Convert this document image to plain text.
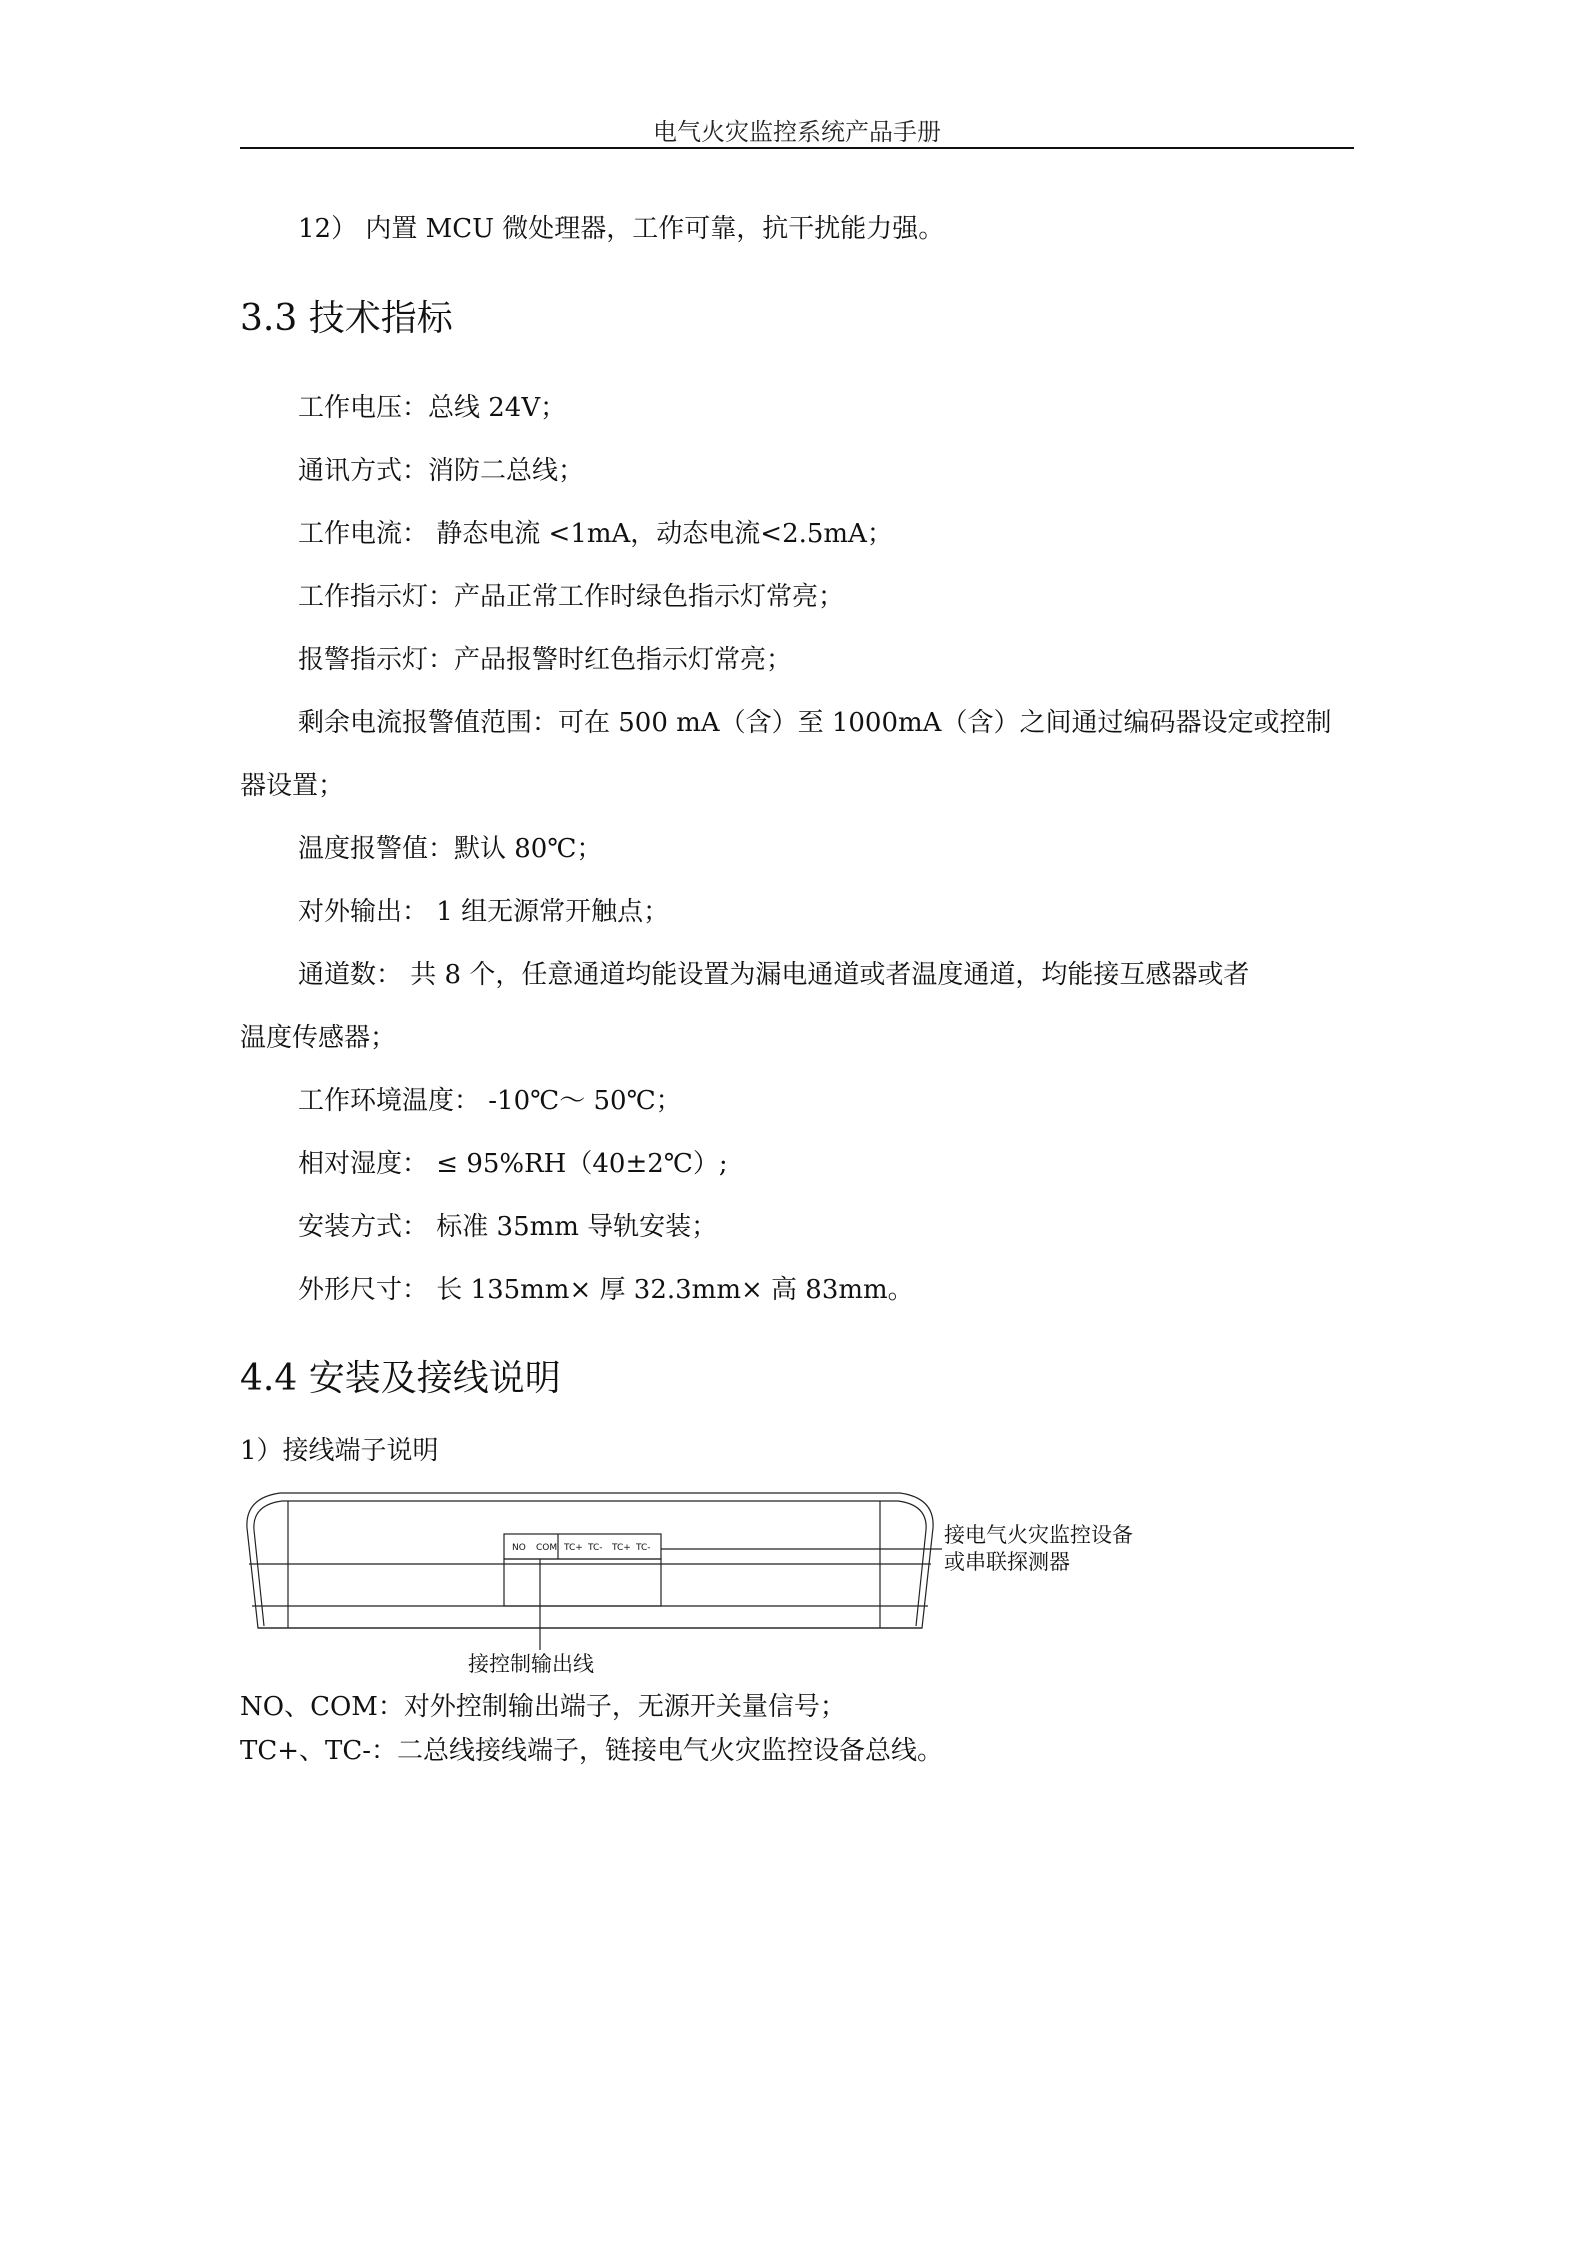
电气火灾监控系统产品手册
12） 内置 MCU 微处理器，工作可靠，抗干扰能力强。
3.3 技术指标
工作电压：总线 24V；
通讯方式：消防二总线；
工作电流： 静态电流 <1mA，动态电流<2.5mA；
工作指示灯：产品正常工作时绿色指示灯常亮；
报警指示灯：产品报警时红色指示灯常亮；
剩余电流报警值范围：可在 500 mA（含）至 1000mA（含）之间通过编码器设定或控制
器设置；
温度报警值：默认 80℃；
对外输出： 1 组无源常开触点；
通道数： 共 8 个，任意通道均能设置为漏电通道或者温度通道，均能接互感器或者
温度传感器；
工作环境温度： -10℃～ 50℃；
相对湿度： ≤ 95%RH（40±2℃）;
安装方式： 标准 35mm 导轨安装；
外形尺寸： 长 135mm× 厚 32.3mm× 高 83mm。
4.4 安装及接线说明
1）接线端子说明
NO COM TC+ TC- TC+ TC-
接电气火灾监控设备
或串联探测器
接控制输出线
NO、COM：对外控制输出端子，无源开关量信号；
TC+、TC-：二总线接线端子，链接电气火灾监控设备总线。
